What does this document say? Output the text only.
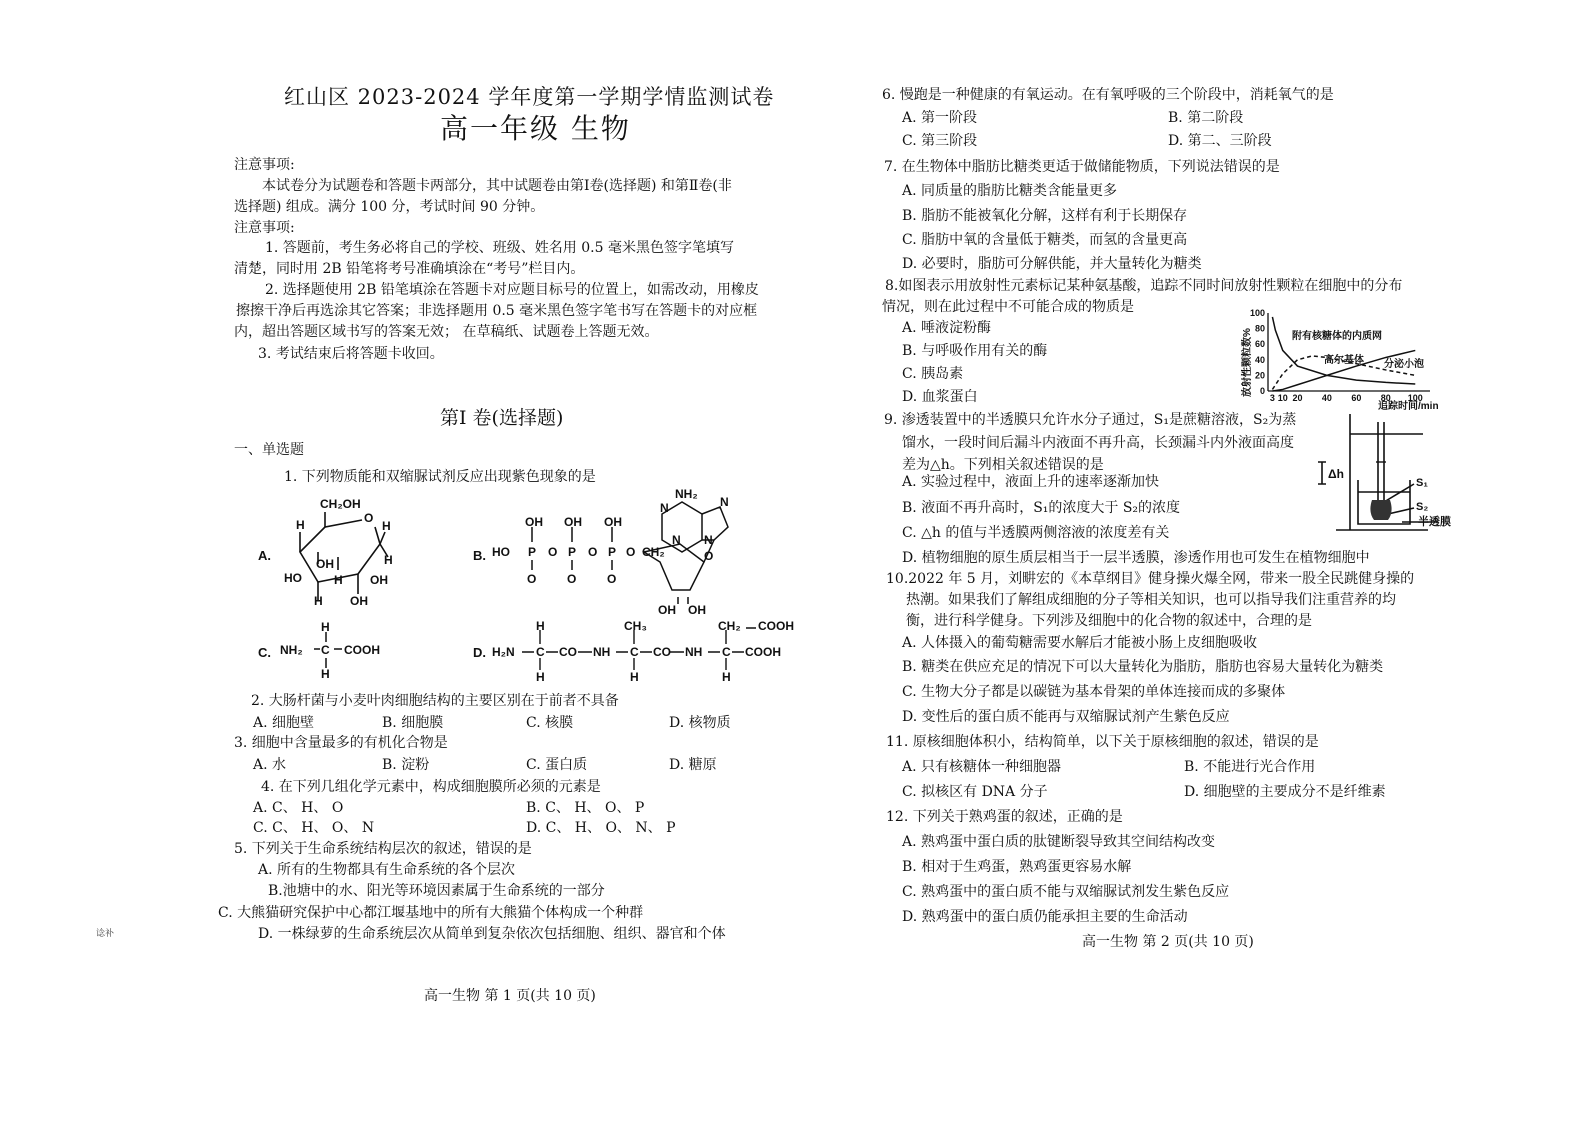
红山区 2023-2024 学年度第一学期学情监测试卷
高一年级 生物
注意事项:
本试卷分为试题卷和答题卡两部分，其中试题卷由第Ⅰ卷(选择题) 和第Ⅱ卷(非
选择题) 组成。满分 100 分，考试时间 90 分钟。
注意事项:
1. 答题前，考生务必将自己的学校、班级、姓名用 0.5 毫米黑色签字笔填写
清楚，同时用 2B 铅笔将考号准确填涂在“考号”栏目内。
2. 选择题使用 2B 铅笔填涂在答题卡对应题目标号的位置上，如需改动，用橡皮
擦擦干净后再选涂其它答案；非选择题用 0.5 毫米黑色签字笔书写在答题卡的对应框
内，超出答题区域书写的答案无效； 在草稿纸、试题卷上答题无效。
3. 考试结束后将答题卡收回。
第Ⅰ 卷(选择题)
一、单选题
1. 下列物质能和双缩脲试剂反应出现紫色现象的是
A.
CH₂OH
H	O
H
OH	H
HO	OH
H
H OH
B.
NH₂
OH OH OH
HO P O P O P O CH₂
O	O	O
OH OH
N	N
N N
O
C. NH₂
H
C COOH
H
D. H₂N C CO NH C CO NH C COOH
H	CH₃	CH₂ COOH
H	H	H
2. 大肠杆菌与小麦叶肉细胞结构的主要区别在于前者不具备
A. 细胞壁	B. 细胞膜	C. 核膜	D. 核物质
3. 细胞中含量最多的有机化合物是
A. 水	B. 淀粉	C. 蛋白质	D. 糖原
4. 在下列几组化学元素中，构成细胞膜所必须的元素是
A. C、 H、 O	B. C、 H、 O、 P
C. C、 H、 O、 N	D. C、 H、 O、 N、 P
5. 下列关于生命系统结构层次的叙述，错误的是
A. 所有的生物都具有生命系统的各个层次
B.池塘中的水、阳光等环境因素属于生命系统的一部分
C. 大熊猫研究保护中心都江堰基地中的所有大熊猫个体构成一个种群
谂补	D. 一株绿萝的生命系统层次从简单到复杂依次包括细胞、组织、器官和个体
高一生物 第 1 页(共 10 页)
6. 慢跑是一种健康的有氧运动。在有氧呼吸的三个阶段中，消耗氧气的是
A. 第一阶段	B. 第二阶段
C. 第三阶段	D. 第二、三阶段
7. 在生物体中脂肪比糖类更适于做储能物质，下列说法错误的是
A. 同质量的脂肪比糖类含能量更多
B. 脂肪不能被氧化分解，这样有利于长期保存
C. 脂肪中氧的含量低于糖类，而氢的含量更高
D. 必要时，脂肪可分解供能，并大量转化为糖类
8.如图表示用放射性元素标记某种氨基酸，追踪不同时间放射性颗粒在细胞中的分布
情况，则在此过程中不可能合成的物质是
A. 唾液淀粉酶
B. 与呼吸作用有关的酶
C. 胰岛素
D. 血浆蛋白	放射性颗粒数%
追踪时间/min
附有核糖体的内质网
高尔基体 分泌小泡
0
20
40
60
80
100
3 10 20 40 60 80 100
9. 渗透装置中的半透膜只允许水分子通过，S₁是蔗糖溶液，S₂为蒸
馏水，一段时间后漏斗内液面不再升高，长颈漏斗内外液面高度
差为△h。下列相关叙述错误的是
A. 实验过程中，液面上升的速率逐渐加快
B. 液面不再升高时，S₁的浓度大于 S₂的浓度
C. △h 的值与半透膜两侧溶液的浓度差有关
D. 植物细胞的原生质层相当于一层半透膜，渗透作用也可发生在植物细胞中
Δh
S₁
S₂
半透膜
10.2022 年 5 月，刘畊宏的《本草纲目》健身操火爆全网，带来一股全民跳健身操的
热潮。如果我们了解组成细胞的分子等相关知识，也可以指导我们注重营养的均
衡，进行科学健身。下列涉及细胞中的化合物的叙述中，合理的是
A. 人体摄入的葡萄糖需要水解后才能被小肠上皮细胞吸收
B. 糖类在供应充足的情况下可以大量转化为脂肪，脂肪也容易大量转化为糖类
C. 生物大分子都是以碳链为基本骨架的单体连接而成的多聚体
D. 变性后的蛋白质不能再与双缩脲试剂产生紫色反应
11. 原核细胞体积小，结构简单，以下关于原核细胞的叙述，错误的是
A. 只有核糖体一种细胞器	B. 不能进行光合作用
C. 拟核区有 DNA 分子	D. 细胞壁的主要成分不是纤维素
12. 下列关于熟鸡蛋的叙述，正确的是
A. 熟鸡蛋中蛋白质的肽键断裂导致其空间结构改变
B. 相对于生鸡蛋，熟鸡蛋更容易水解
C. 熟鸡蛋中的蛋白质不能与双缩脲试剂发生紫色反应
D. 熟鸡蛋中的蛋白质仍能承担主要的生命活动
高一生物 第 2 页(共 10 页)
